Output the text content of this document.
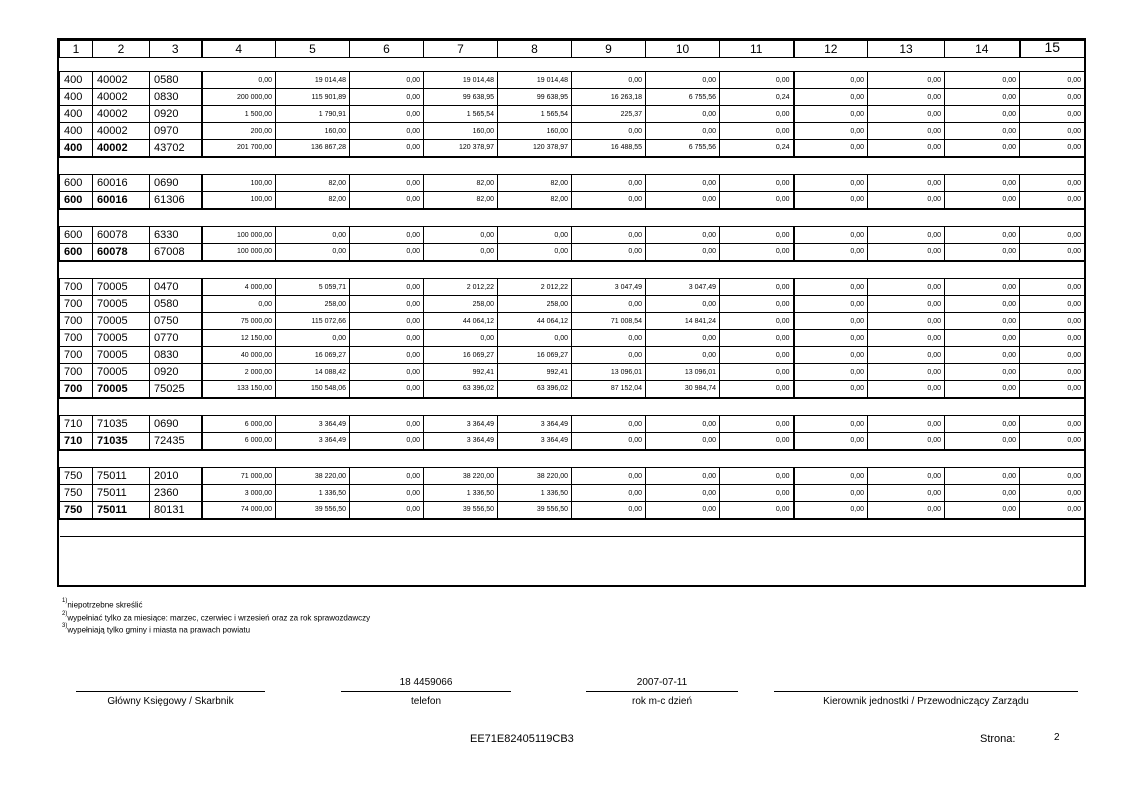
1	2	3	4	5	6	7	8	9	10	11	12	13	14	15

400	40002	0580	0,00	19 014,48	0,00	19 014,48	19 014,48	0,00	0,00	0,00	0,00	0,00	0,00	0,00
400	40002	0830	200 000,00	115 901,89	0,00	99 638,95	99 638,95	16 263,18	6 755,56	0,24	0,00	0,00	0,00	0,00
400	40002	0920	1 500,00	1 790,91	0,00	1 565,54	1 565,54	225,37	0,00	0,00	0,00	0,00	0,00	0,00
400	40002	0970	200,00	160,00	0,00	160,00	160,00	0,00	0,00	0,00	0,00	0,00	0,00	0,00
400	40002	43702	201 700,00	136 867,28	0,00	120 378,97	120 378,97	16 488,55	6 755,56	0,24	0,00	0,00	0,00	0,00

600	60016	0690	100,00	82,00	0,00	82,00	82,00	0,00	0,00	0,00	0,00	0,00	0,00	0,00
600	60016	61306	100,00	82,00	0,00	82,00	82,00	0,00	0,00	0,00	0,00	0,00	0,00	0,00

600	60078	6330	100 000,00	0,00	0,00	0,00	0,00	0,00	0,00	0,00	0,00	0,00	0,00	0,00
600	60078	67008	100 000,00	0,00	0,00	0,00	0,00	0,00	0,00	0,00	0,00	0,00	0,00	0,00

700	70005	0470	4 000,00	5 059,71	0,00	2 012,22	2 012,22	3 047,49	3 047,49	0,00	0,00	0,00	0,00	0,00
700	70005	0580	0,00	258,00	0,00	258,00	258,00	0,00	0,00	0,00	0,00	0,00	0,00	0,00
700	70005	0750	75 000,00	115 072,66	0,00	44 064,12	44 064,12	71 008,54	14 841,24	0,00	0,00	0,00	0,00	0,00
700	70005	0770	12 150,00	0,00	0,00	0,00	0,00	0,00	0,00	0,00	0,00	0,00	0,00	0,00
700	70005	0830	40 000,00	16 069,27	0,00	16 069,27	16 069,27	0,00	0,00	0,00	0,00	0,00	0,00	0,00
700	70005	0920	2 000,00	14 088,42	0,00	992,41	992,41	13 096,01	13 096,01	0,00	0,00	0,00	0,00	0,00
700	70005	75025	133 150,00	150 548,06	0,00	63 396,02	63 396,02	87 152,04	30 984,74	0,00	0,00	0,00	0,00	0,00

710	71035	0690	6 000,00	3 364,49	0,00	3 364,49	3 364,49	0,00	0,00	0,00	0,00	0,00	0,00	0,00
710	71035	72435	6 000,00	3 364,49	0,00	3 364,49	3 364,49	0,00	0,00	0,00	0,00	0,00	0,00	0,00

750	75011	2010	71 000,00	38 220,00	0,00	38 220,00	38 220,00	0,00	0,00	0,00	0,00	0,00	0,00	0,00
750	75011	2360	3 000,00	1 336,50	0,00	1 336,50	1 336,50	0,00	0,00	0,00	0,00	0,00	0,00	0,00
750	75011	80131	74 000,00	39 556,50	0,00	39 556,50	39 556,50	0,00	0,00	0,00	0,00	0,00	0,00	0,00

$^{1)}$niepotrzebne skreślić
$^{2)}$wypełniać tylko za miesiące: marzec, czerwiec i wrzesień oraz za rok sprawozdawczy
$^{3)}$wypełniają tylko gminy i miasta na prawach powiatu
Główny Księgowy / Skarbnik
18 4459066
telefon
2007-07-11
rok m-c dzień	Kierownik jednostki / Przewodniczący Zarządu
EE71E82405119CB3	Strona:	2
